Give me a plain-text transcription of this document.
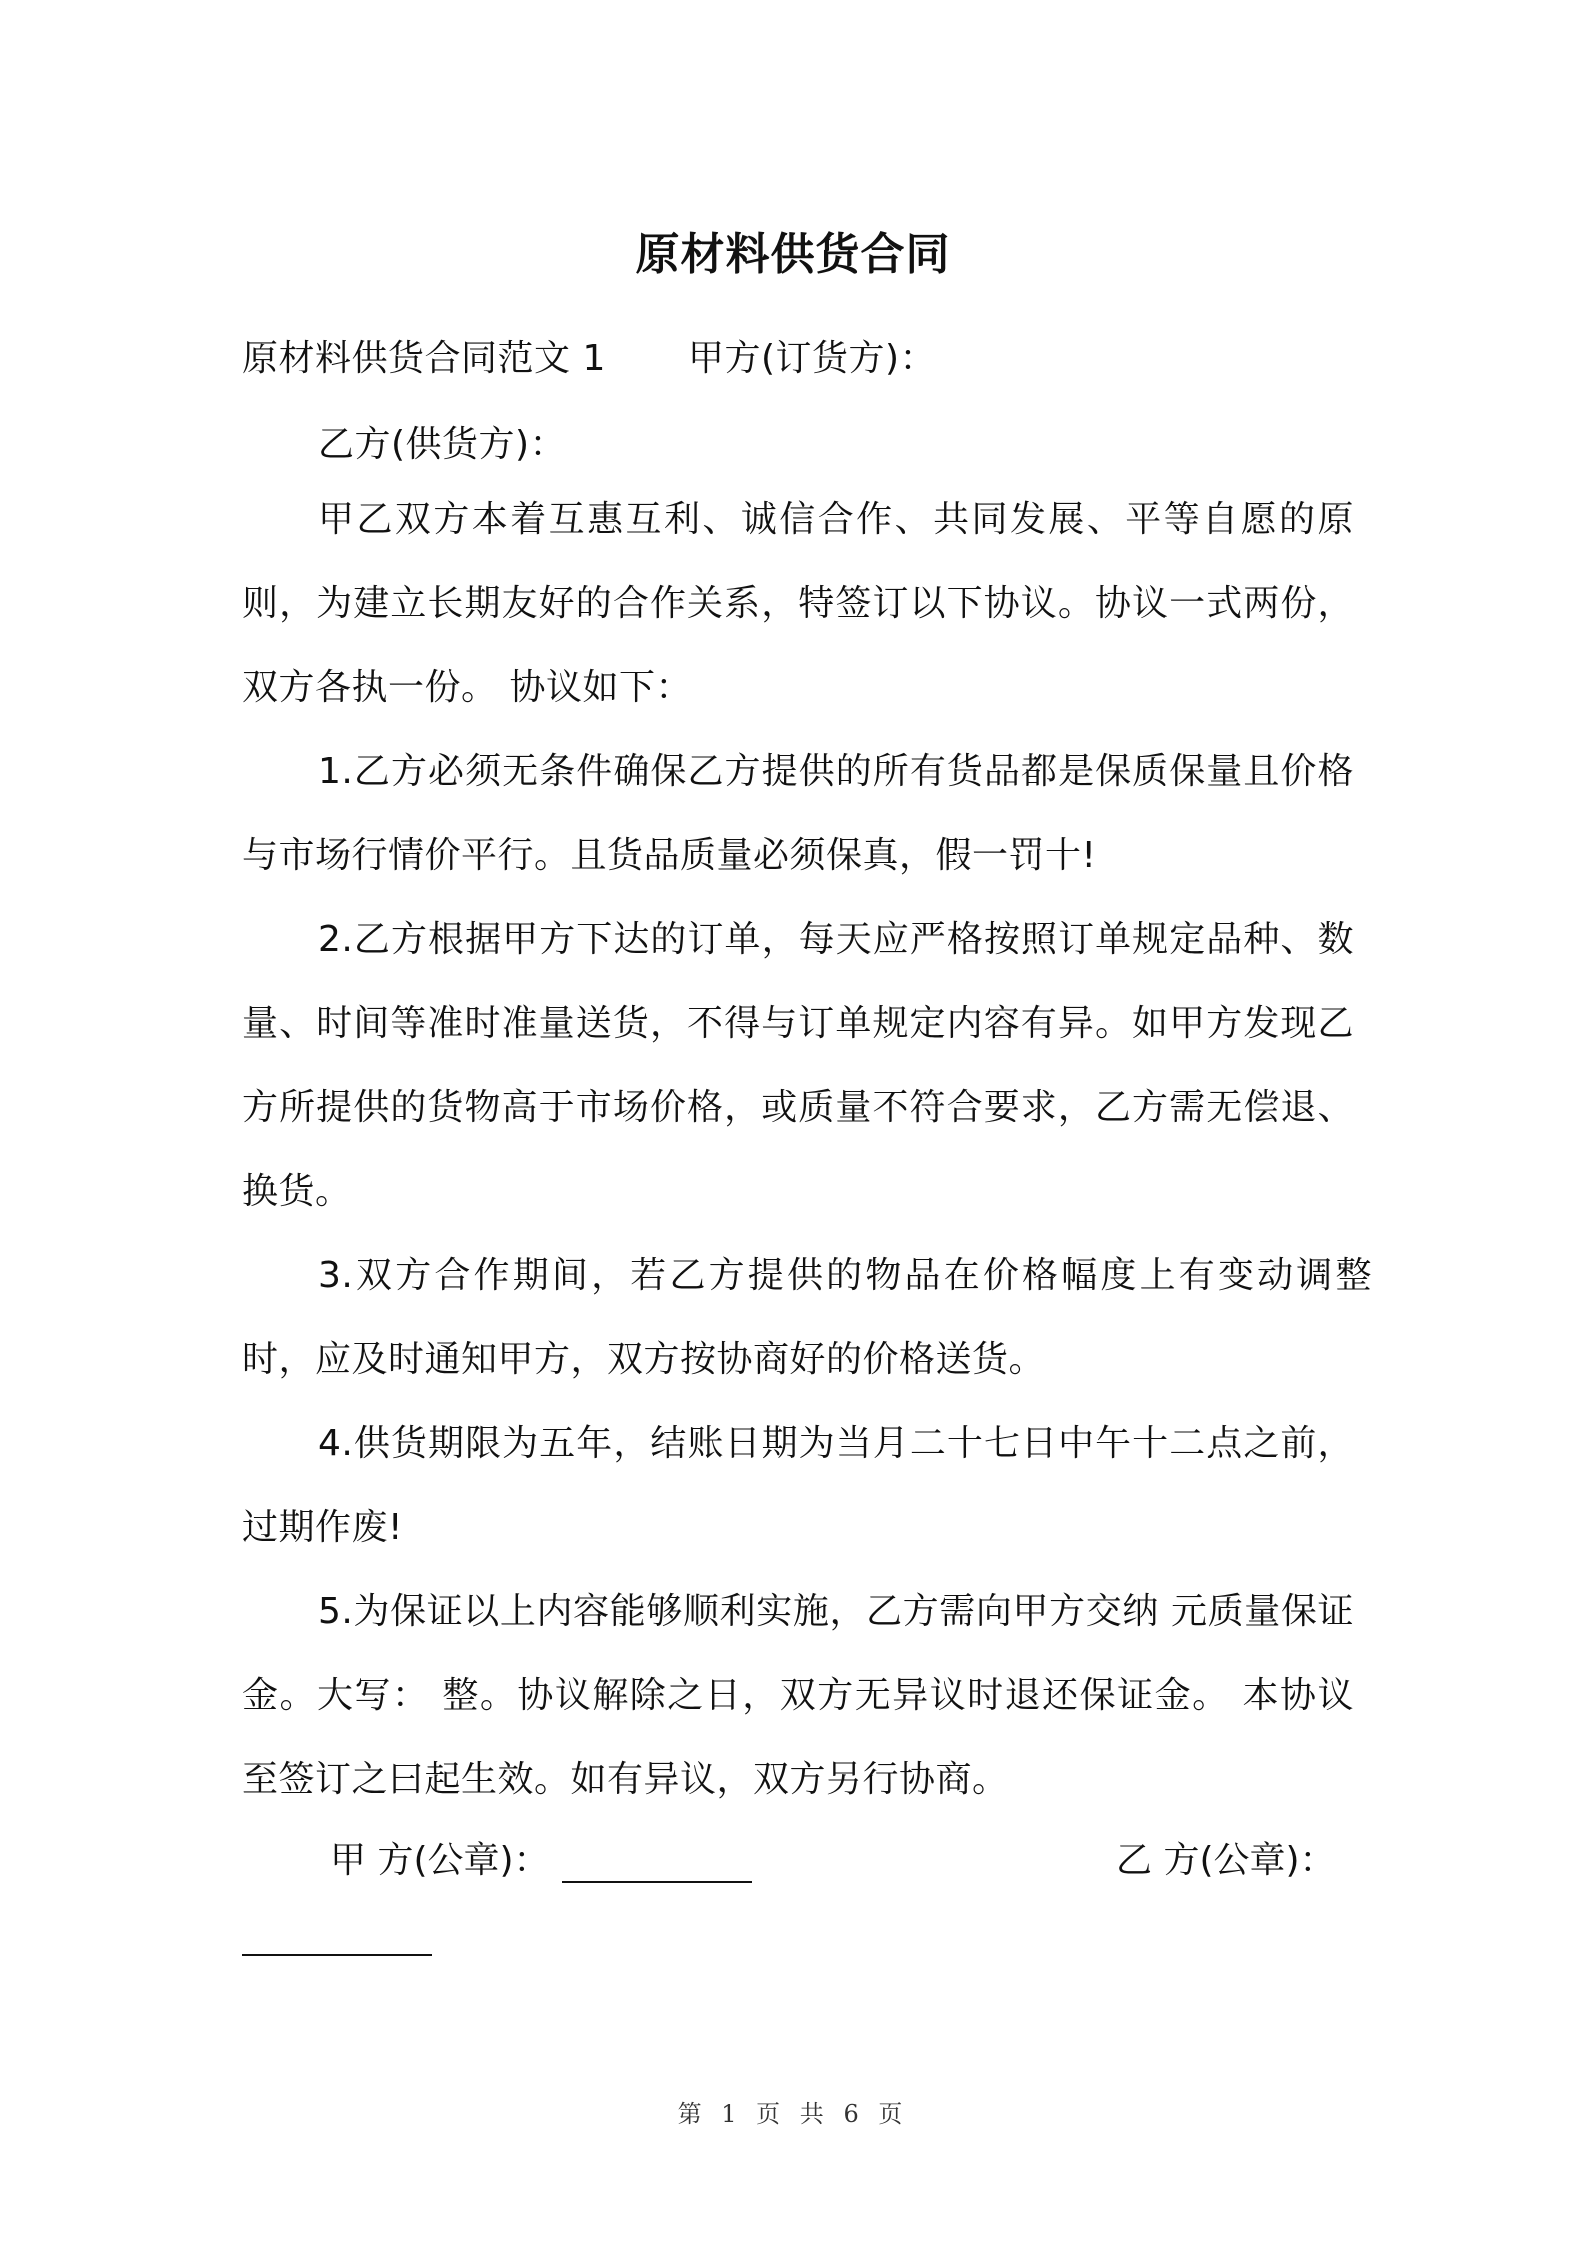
原材料供货合同
原材料供货合同范文 1 甲方(订货方)：
乙方(供货方)：
甲乙双方本着互惠互利、诚信合作、共同发展、平等自愿的原则，为建立长期友好的合作关系，特签订以下协议。协议一式两份，双方各执一份。 协议如下：
1.乙方必须无条件确保乙方提供的所有货品都是保质保量且价格与市场行情价平行。且货品质量必须保真，假一罚十!
2.乙方根据甲方下达的订单，每天应严格按照订单规定品种、数量、时间等准时准量送货，不得与订单规定内容有异。如甲方发现乙方所提供的货物高于市场价格，或质量不符合要求，乙方需无偿退、换货。
3.双方合作期间，若乙方提供的物品在价格幅度上有变动调整时，应及时通知甲方，双方按协商好的价格送货。
4.供货期限为五年，结账日期为当月二十七日中午十二点之前，过期作废!
5.为保证以上内容能够顺利实施，乙方需向甲方交纳 元质量保证金。大写： 整。协议解除之日，双方无异议时退还保证金。 本协议至签订之曰起生效。如有异议，双方另行协商。
甲 方(公章)：	乙 方(公章)：
第 1 页 共 6 页
